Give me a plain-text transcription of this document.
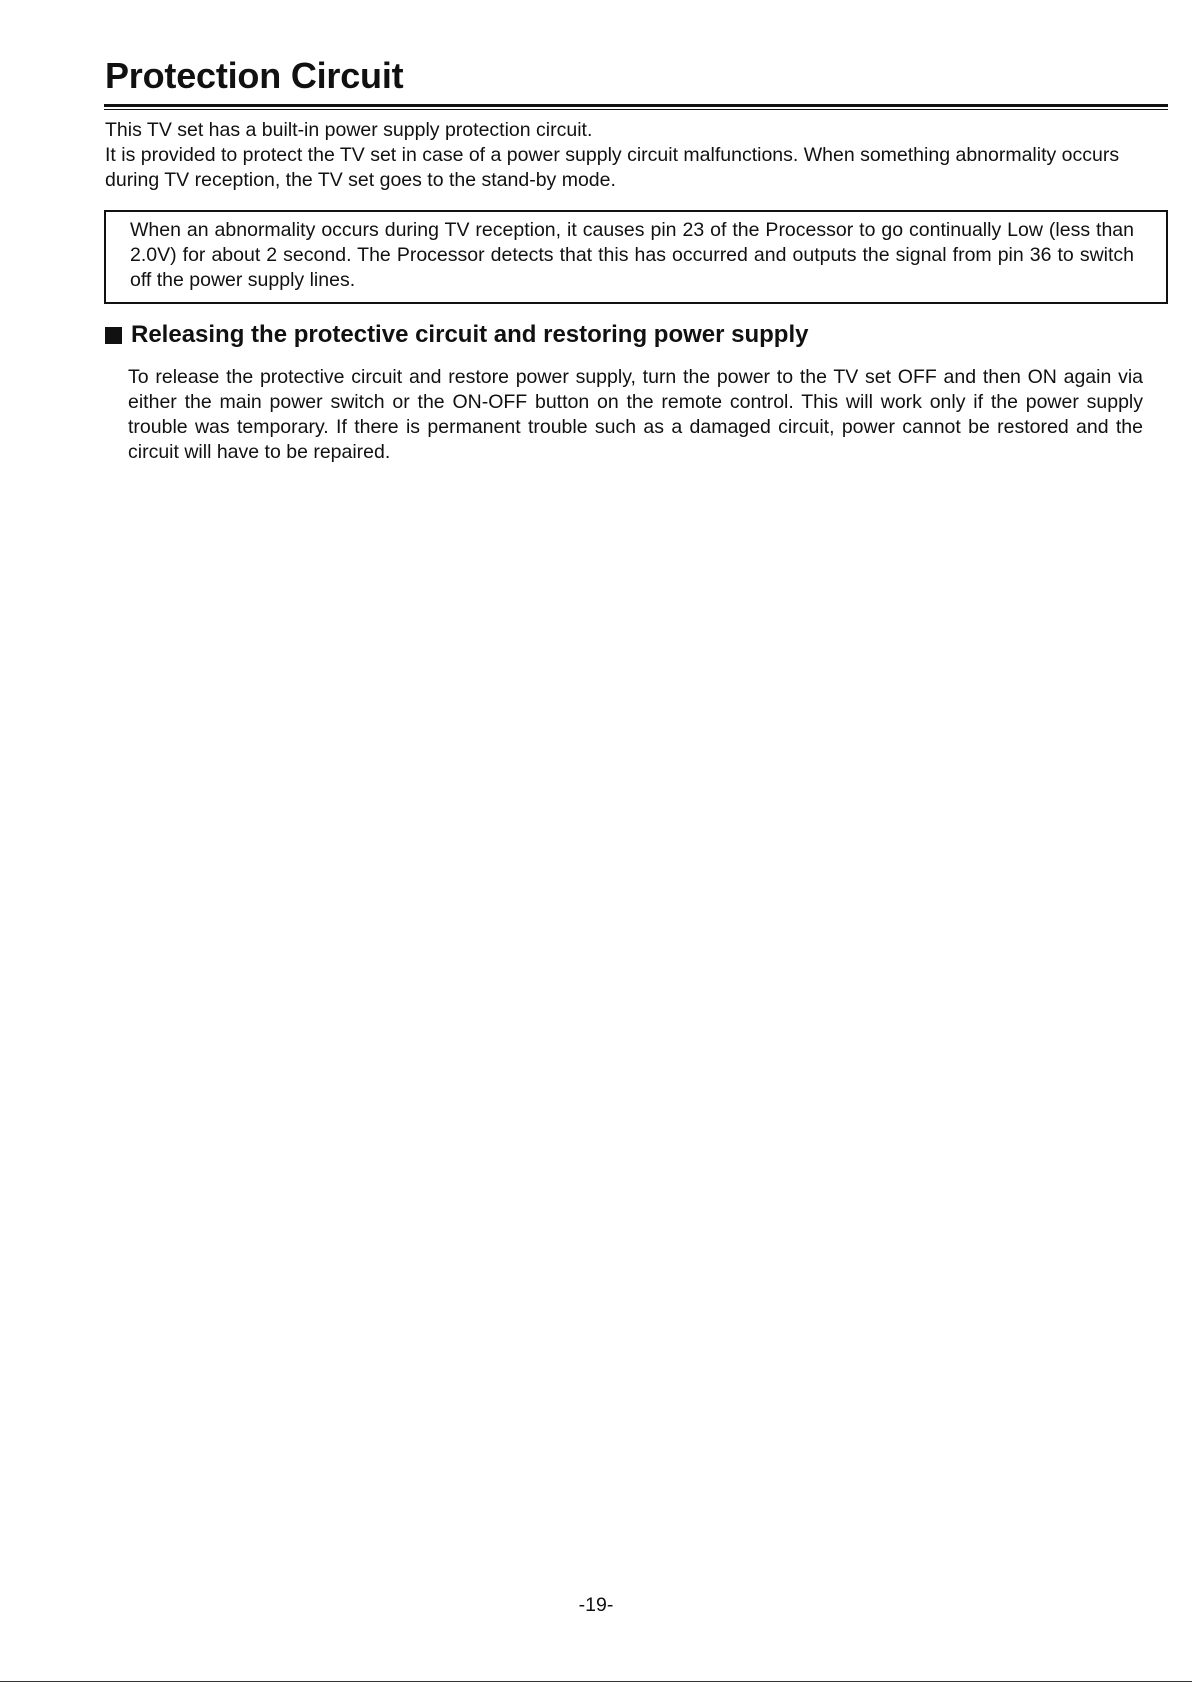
Protection Circuit

This TV set has a built-in power supply protection circuit.

It is provided to protect the TV set in case of a power supply circuit malfunctions. When something abnormality occurs during TV reception, the TV set goes to the stand-by mode.

When an abnormality occurs during TV reception, it causes pin 23 of the Processor to go continually Low (less than 2.0V) for about 2 second. The Processor detects that this has occurred and outputs the signal from pin 36 to switch off the power supply lines.
Releasing the protective circuit and restoring power supply
To release the protective circuit and restore power supply, turn the power to the TV set OFF and then ON again via either the main power switch or the ON-OFF button on the remote control. This will work only if the power supply trouble was temporary. If there is permanent trouble such as a damaged circuit, power cannot be restored and the circuit will have to be repaired.
-19-
